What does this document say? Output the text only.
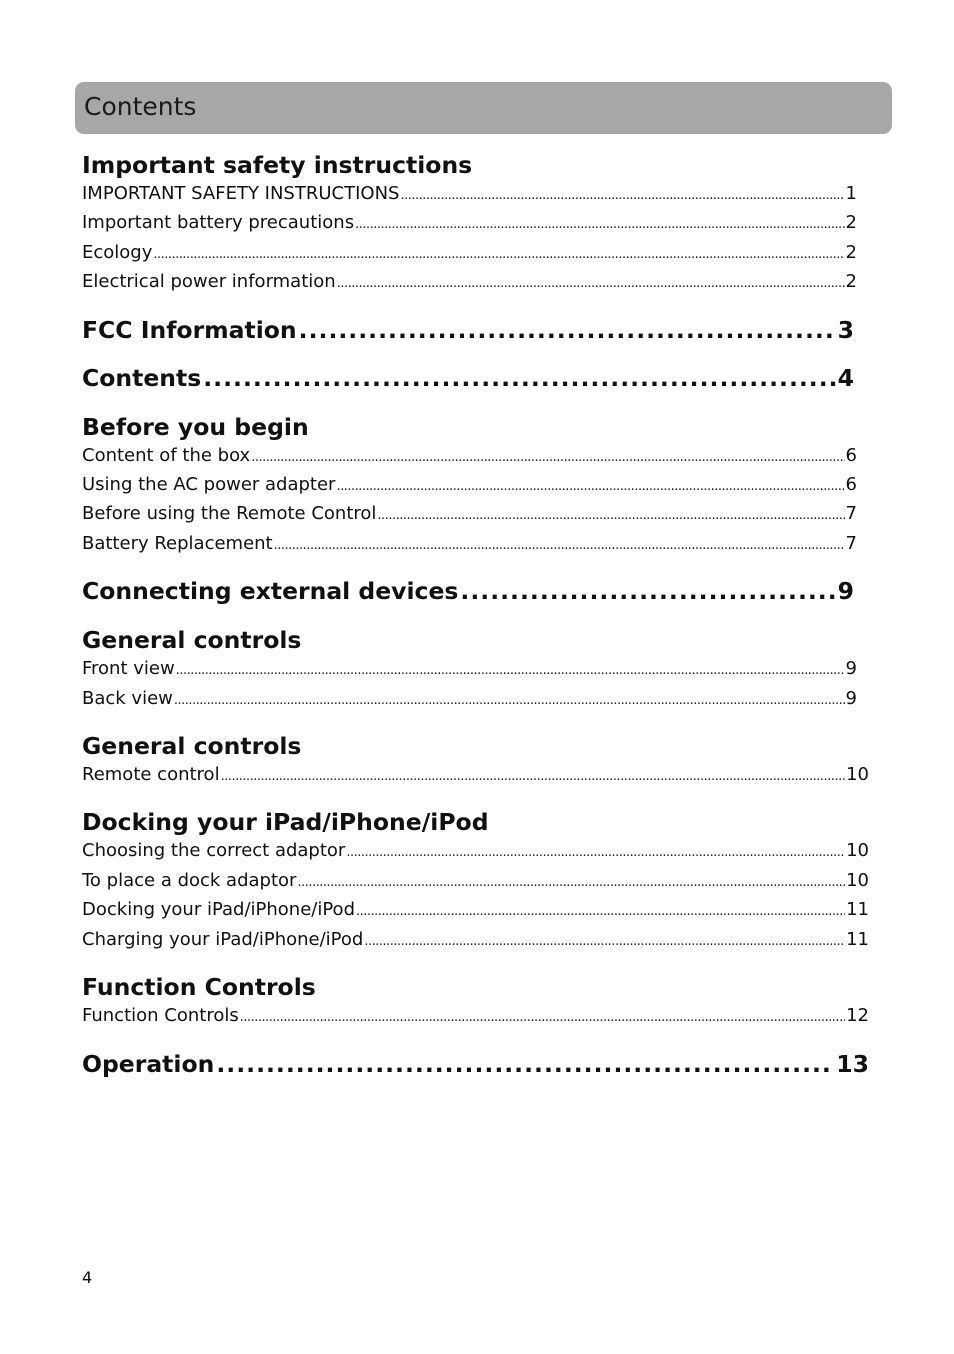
Contents
Important safety instructions
IMPORTANT SAFETY INSTRUCTIONS .....	1
Important battery precautions .....	2
Ecology .....	2
Electrical power information .....	2
FCC Information .....	3
Contents .....	4
Before you begin
Content of the box .....	6
Using the AC power adapter .....	6
Before using the Remote Control .....	7
Battery Replacement .....	7
Connecting external devices .....	9
General controls
Front view .....	9
Back view .....	9
General controls
Remote control .....	10
Docking your iPad/iPhone/iPod
Choosing the correct adaptor .....	10
To place a dock adaptor .....	10
Docking your iPad/iPhone/iPod .....	11
Charging your iPad/iPhone/iPod .....	11
Function Controls
Function Controls .....	12
Operation .....	13
4
